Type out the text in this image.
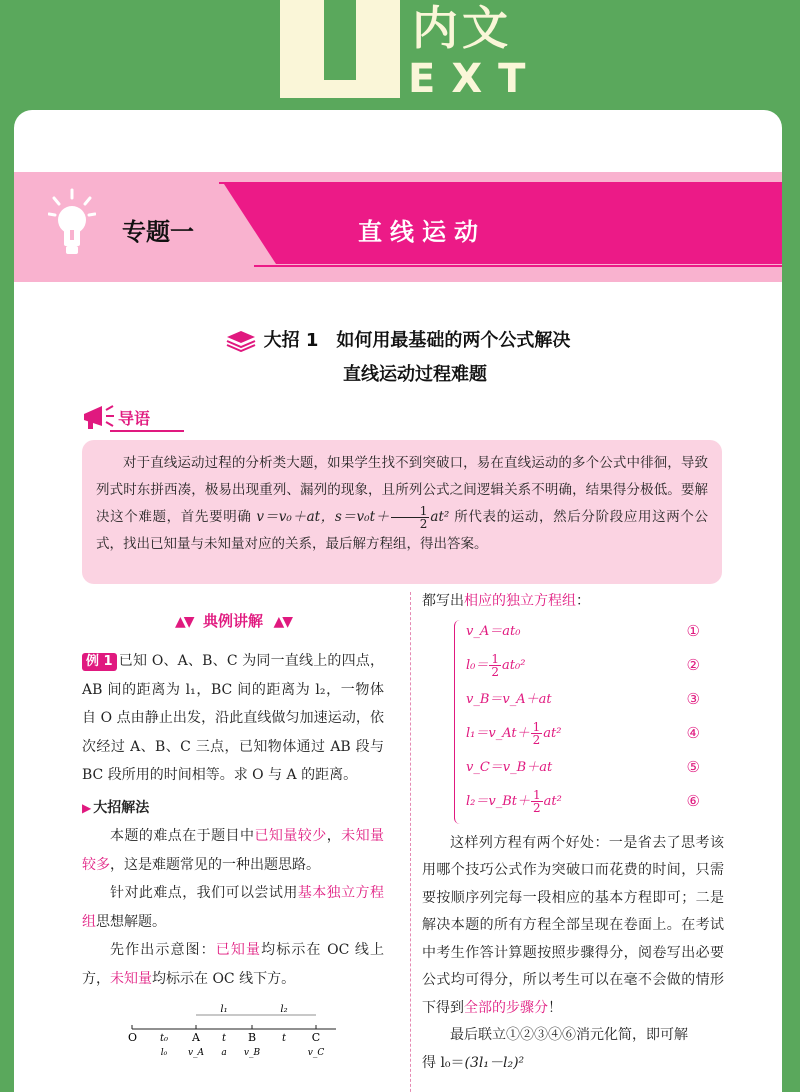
内文
EXT
专题一	直线运动
大招 1　如何用最基础的两个公式解决
直线运动过程难题
导语

对于直线运动过程的分析类大题，如果学生找不到突破口，易在直线运动的多个公式中徘徊，导致列式时东拼西凑，极易出现重列、漏列的现象，且所列公式之间逻辑关系不明确，结果得分极低。要解决这个难题，首先要明确 v＝v₀＋at，$s=v_0t+ \frac{1}{2} at^2$ 所代表的运动，然后分阶段应用这两个公式，找出已知量与未知量对应的关系，最后解方程组，得出答案。

▲▼ 典例讲解 ▲▼
例 1 已知 O、A、B、C 为同一直线上的四点，AB 间的距离为 l₁，BC 间的距离为 l₂，一物体自 O 点由静止出发，沿此直线做匀加速运动，依次经过 A、B、C 三点，已知物体通过 AB 段与 BC 段所用的时间相等。求 O 与 A 的距离。
▶ 大招解法

本题的难点在于题目中已知量较少，未知量较多，这是难题常见的一种出题思路。

针对此难点，我们可以尝试用基本独立方程组思想解题。

先作出示意图：已知量均标示在 OC 线上方，未知量均标示在 OC 线下方。

l₁	l₂
O t₀ A t B	t C
l₀ v_A a v_B	v_C
都写出相应的独立方程组：
v_A＝at₀	①
$l_0= \frac{1}{2} at_0^2$	②
v_B＝v_A＋at	③
l₁＝v_At＋ $\frac{1}{2} at^2$	④
v_C＝v_B＋at	⑤
l₂＝v_Bt＋ $\frac{1}{2} at^2$	⑥

这样列方程有两个好处：一是省去了思考该用哪个技巧公式作为突破口而花费的时间，只需要按顺序列完每一段相应的基本方程即可；二是解决本题的所有方程全部呈现在卷面上。在考试中考生作答计算题按照步骤得分，阅卷写出必要公式均可得分，所以考生可以在毫不会做的情形下得到全部的步骤分！

最后联立①②③④⑥消元化简，即可解

得 l₀＝(3l₁－l₂)²
